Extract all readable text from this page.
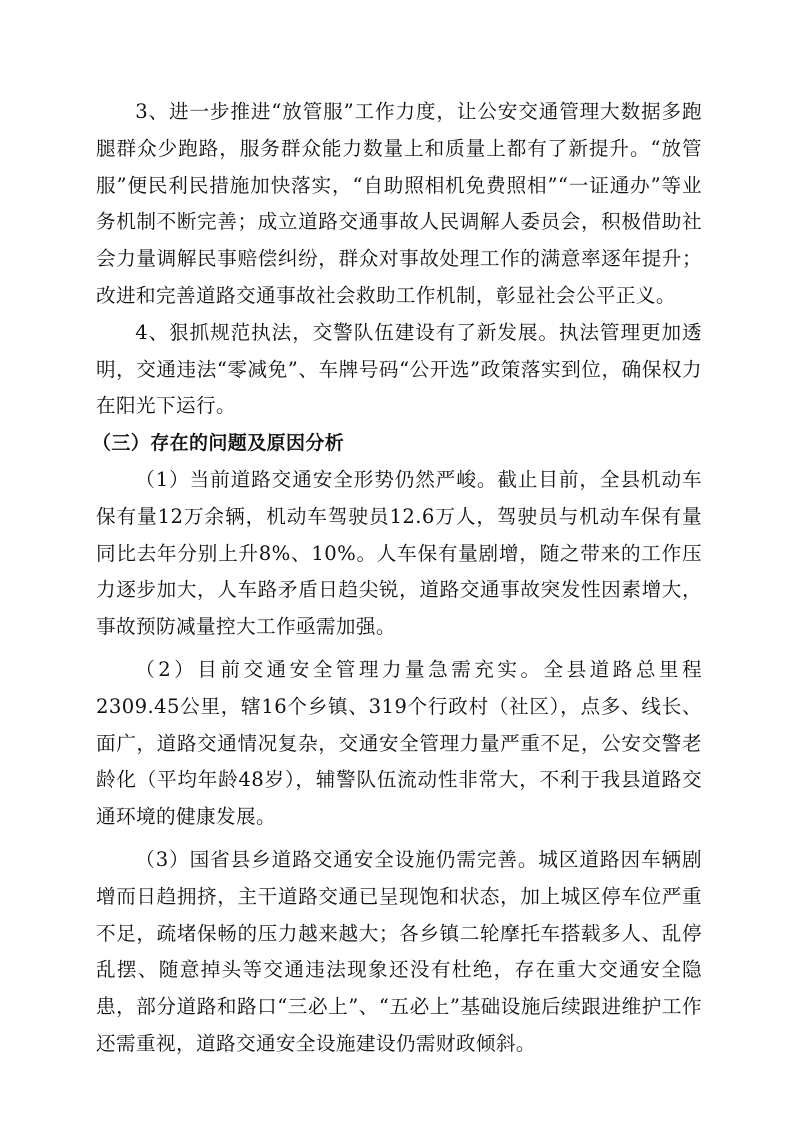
3、进一步推进“放管服”工作力度，让公安交通管理大数据多跑腿群众少跑路，服务群众能力数量上和质量上都有了新提升。“放管服”便民利民措施加快落实，“自助照相机免费照相”“一证通办”等业务机制不断完善；成立道路交通事故人民调解人委员会，积极借助社会力量调解民事赔偿纠纷，群众对事故处理工作的满意率逐年提升；改进和完善道路交通事故社会救助工作机制，彰显社会公平正义。

4、狠抓规范执法，交警队伍建设有了新发展。执法管理更加透明，交通违法“零减免”、车牌号码“公开选”政策落实到位，确保权力在阳光下运行。

（三）存在的问题及原因分析

（1）当前道路交通安全形势仍然严峻。截止目前，全县机动车保有量12万余辆，机动车驾驶员12.6万人，驾驶员与机动车保有量同比去年分别上升8%、10%。人车保有量剧增，随之带来的工作压力逐步加大，人车路矛盾日趋尖锐，道路交通事故突发性因素增大，事故预防减量控大工作亟需加强。

（2）目前交通安全管理力量急需充实。全县道路总里程2309.45公里，辖16个乡镇、319个行政村（社区），点多、线长、面广，道路交通情况复杂，交通安全管理力量严重不足，公安交警老龄化（平均年龄48岁），辅警队伍流动性非常大，不利于我县道路交通环境的健康发展。

（3）国省县乡道路交通安全设施仍需完善。城区道路因车辆剧增而日趋拥挤，主干道路交通已呈现饱和状态，加上城区停车位严重不足，疏堵保畅的压力越来越大；各乡镇二轮摩托车搭载多人、乱停乱摆、随意掉头等交通违法现象还没有杜绝，存在重大交通安全隐患，部分道路和路口“三必上”、“五必上”基础设施后续跟进维护工作还需重视，道路交通安全设施建设仍需财政倾斜。
